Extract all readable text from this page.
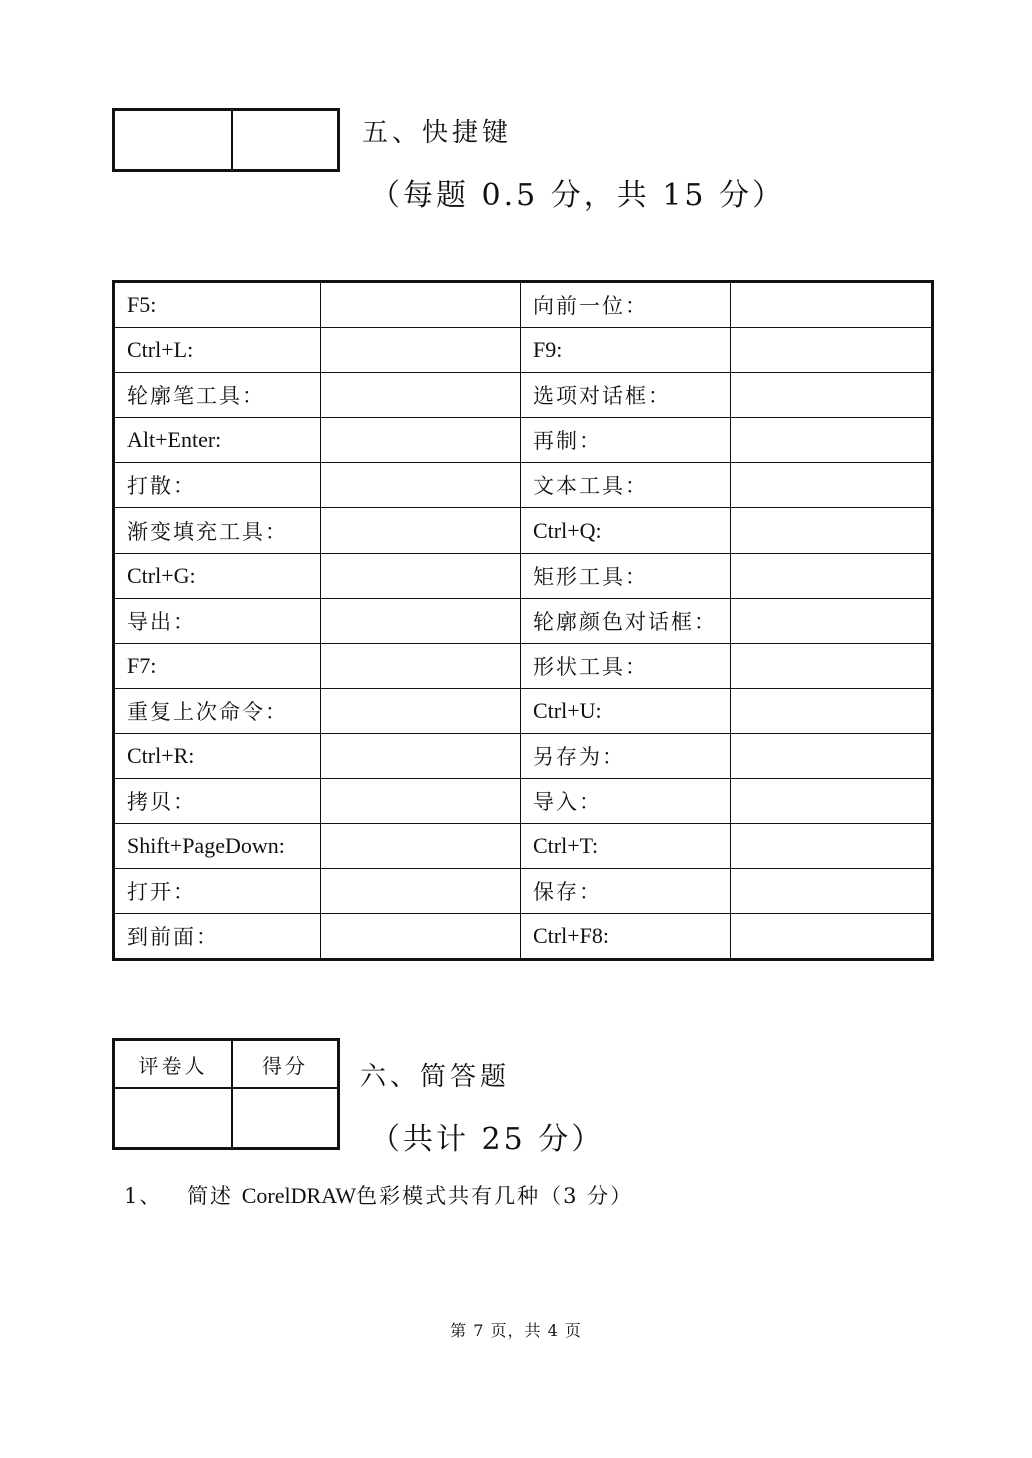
五、快捷键
（每题 0.5 分，共 15 分）
F5:		向前一位：	
Ctrl+L:		F9:	
轮廓笔工具：		选项对话框：	
Alt+Enter:		再制：	
打散：		文本工具：	
渐变填充工具：		Ctrl+Q:	
Ctrl+G:		矩形工具：	
导出：		轮廓颜色对话框：	
F7:		形状工具：	
重复上次命令：		Ctrl+U:	
Ctrl+R:		另存为：	
拷贝：		导入：	
Shift+PageDown:		Ctrl+T:	
打开：		保存：	
到前面：		Ctrl+F8:	
评卷人	得分	六、简答题
（共计 25 分）
1、 简述 CorelDRAW色彩模式共有几种（3 分）
第 7 页，共 4 页
